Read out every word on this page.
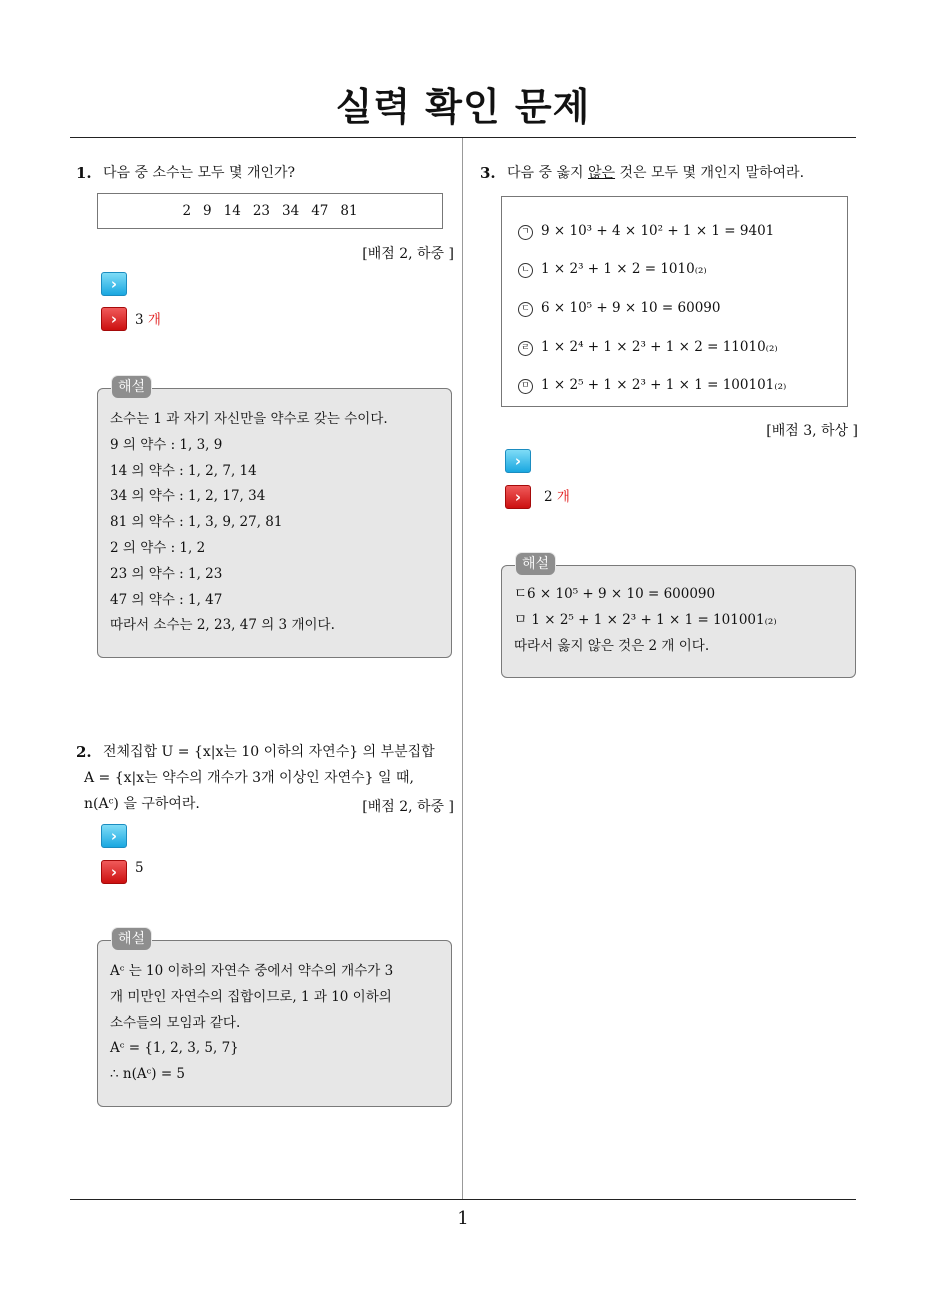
실력 확인 문제
1. 다음 중 소수는 모두 몇 개인가?
2 9 14 23 34 47 81
[배점 2, 하중 ]
›
›	3 개
소수는 1 과 자기 자신만을 약수로 갖는 수이다.
9 의 약수 : 1, 3, 9
14 의 약수 : 1, 2, 7, 14
34 의 약수 : 1, 2, 17, 34
81 의 약수 : 1, 3, 9, 27, 81
2 의 약수 : 1, 2
23 의 약수 : 1, 23
47 의 약수 : 1, 47
따라서 소수는 2, 23, 47 의 3 개이다.
해설
2. 전체집합 U = {x|x는 10 이하의 자연수} 의 부분집합
A = {x|x는 약수의 개수가 3개 이상인 자연수} 일 때,
n(Aᶜ) 을 구하여라.	[배점 2, 하중 ]
›
›	5
Aᶜ 는 10 이하의 자연수 중에서 약수의 개수가 3
개 미만인 자연수의 집합이므로, 1 과 10 이하의
소수들의 모임과 같다.
Aᶜ = {1, 2, 3, 5, 7}
∴ n(Aᶜ) = 5
해설
3. 다음 중 옳지 않은 것은 모두 몇 개인지 말하여라.
ㄱ 9 × 10³ + 4 × 10² + 1 × 1 = 9401
ㄴ 1 × 2³ + 1 × 2 = 1010₍₂₎
ㄷ 6 × 10⁵ + 9 × 10 = 60090
ㄹ 1 × 2⁴ + 1 × 2³ + 1 × 2 = 11010₍₂₎
ㅁ 1 × 2⁵ + 1 × 2³ + 1 × 1 = 100101₍₂₎
[배점 3, 하상 ]
›
›	2 개
ㄷ6 × 10⁵ + 9 × 10 = 600090
ㅁ 1 × 2⁵ + 1 × 2³ + 1 × 1 = 101001₍₂₎
따라서 옳지 않은 것은 2 개 이다.
해설
1
